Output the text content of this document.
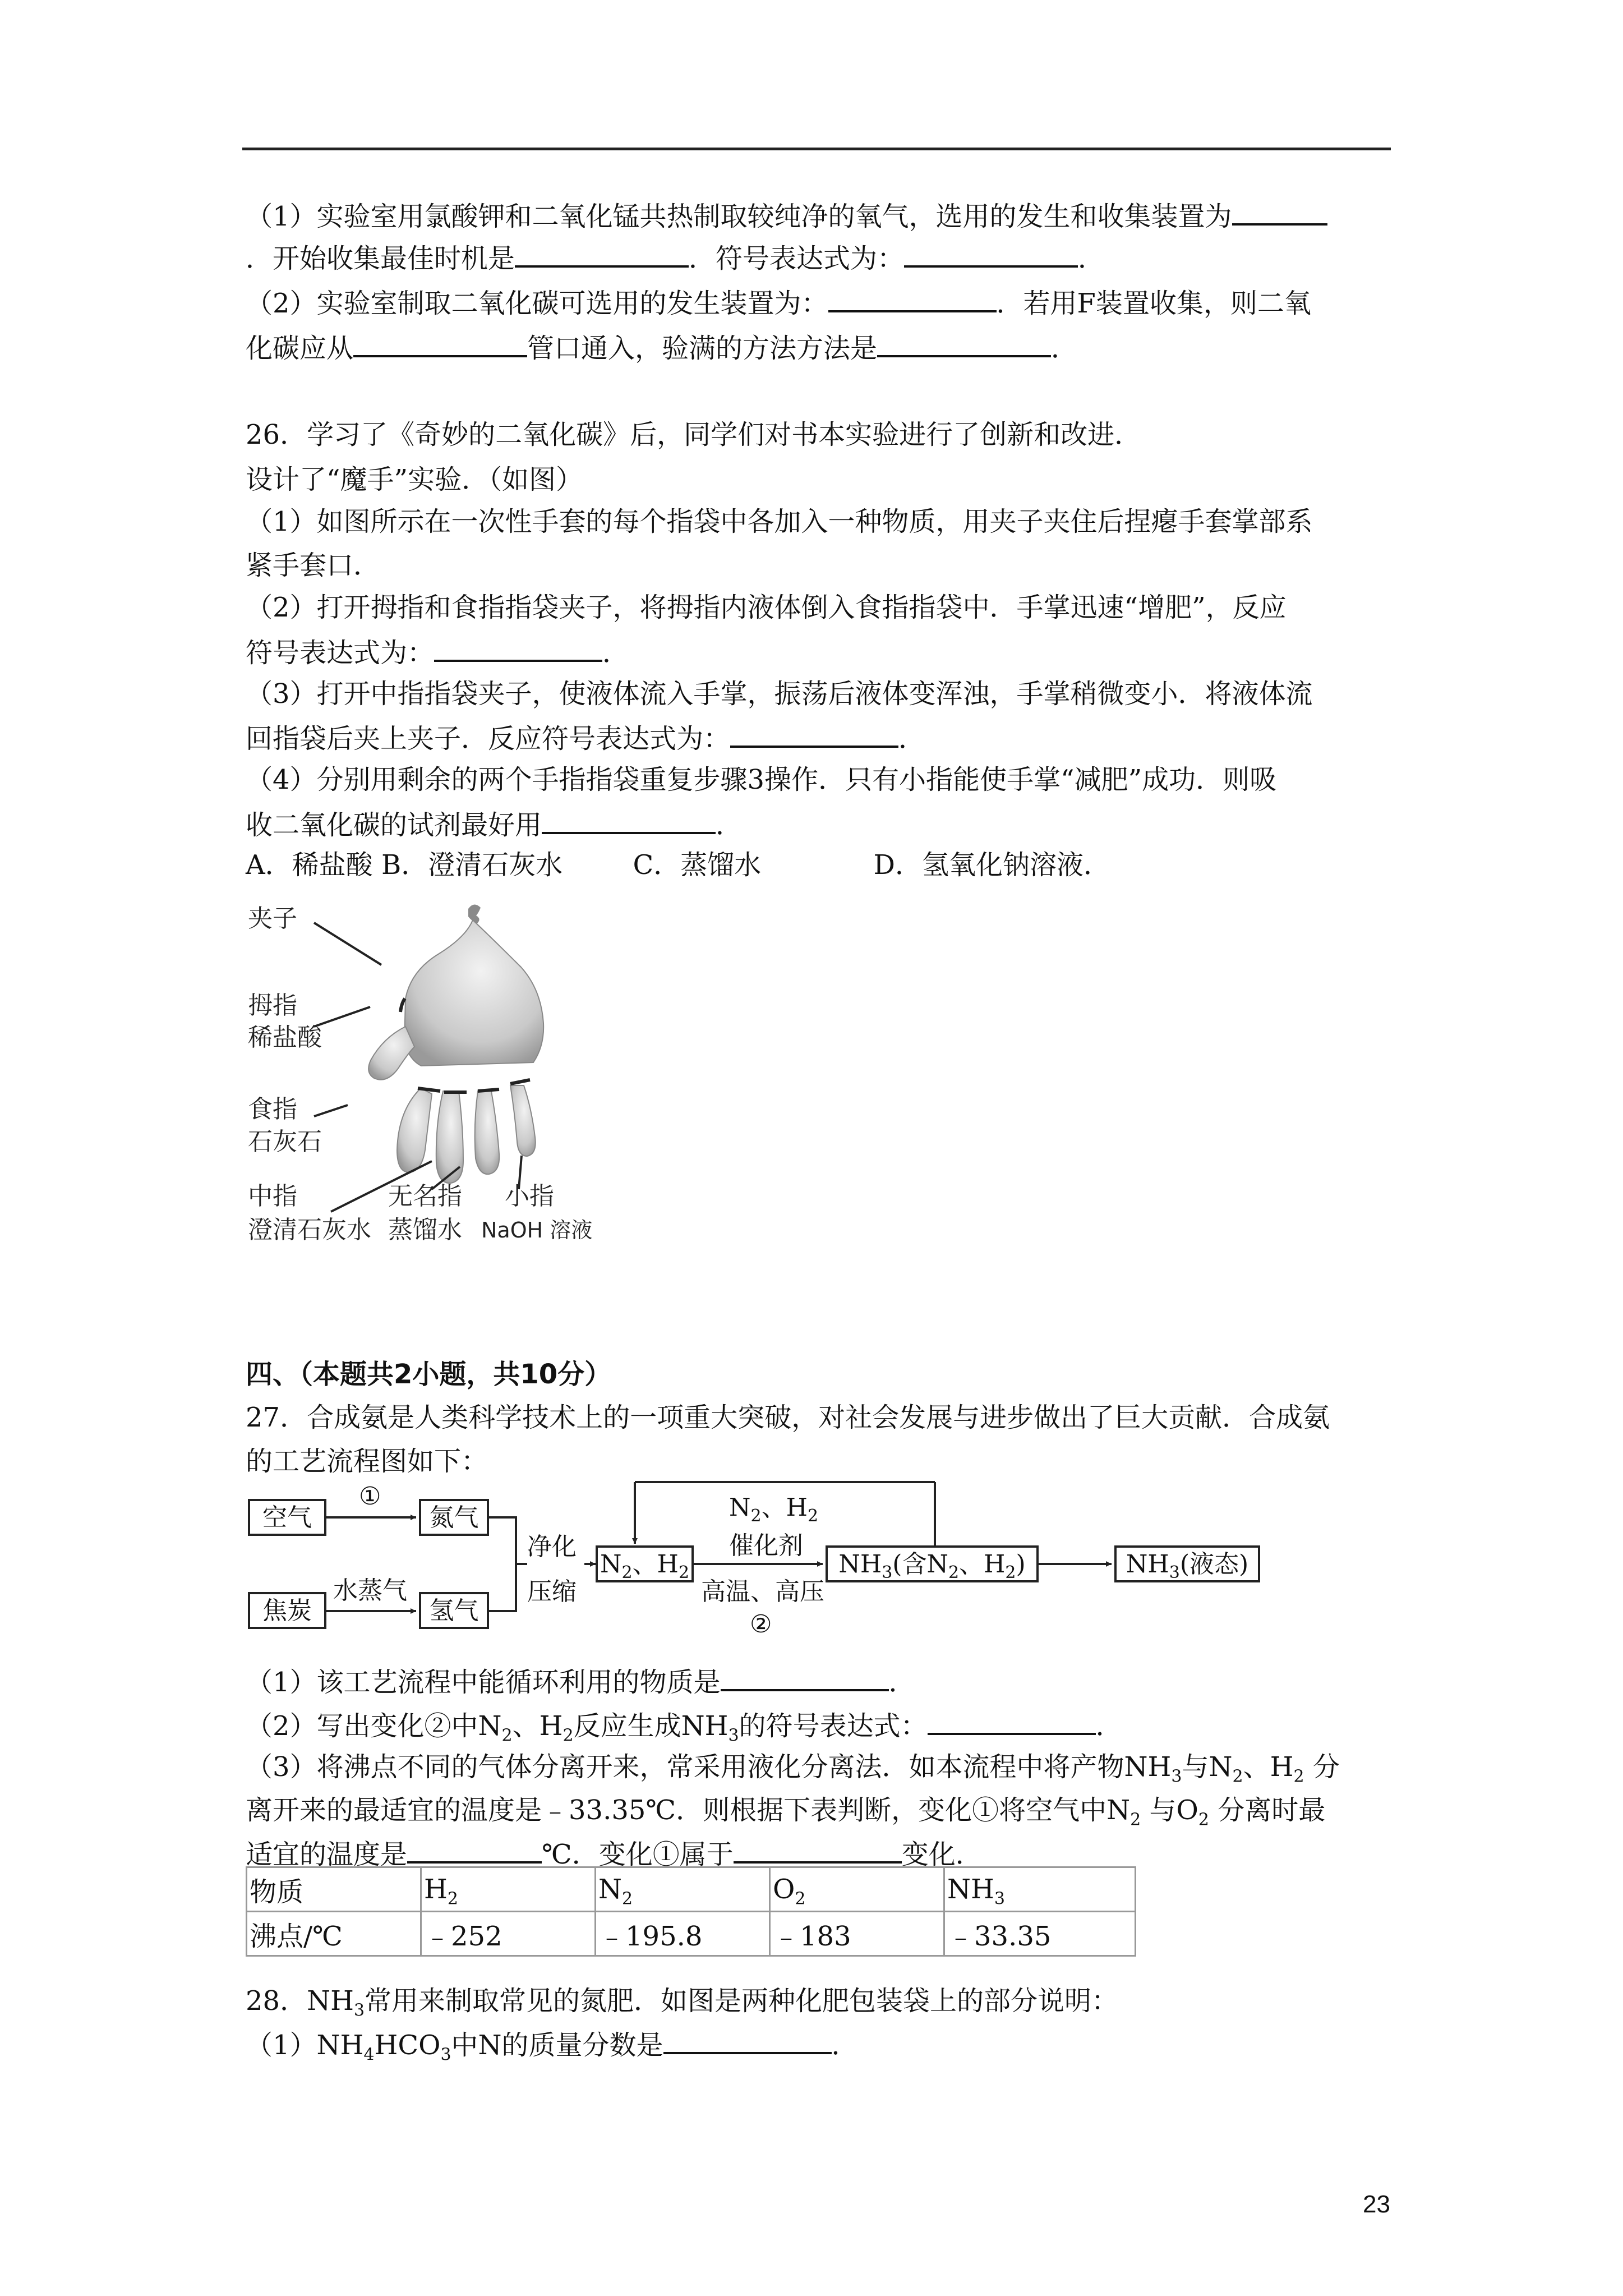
（1）实验室用氯酸钾和二氧化锰共热制取较纯净的氧气，选用的发生和收集装置为
．开始收集最佳时机是	．符号表达式为：	．
（2）实验室制取二氧化碳可选用的发生装置为：	．若用F装置收集，则二氧
化碳应从	管口通入，验满的方法方法是	．
26．学习了《奇妙的二氧化碳》后，同学们对书本实验进行了创新和改进．
设计了“魔手”实验．（如图）
（1）如图所示在一次性手套的每个指袋中各加入一种物质，用夹子夹住后捏瘪手套掌部系
紧手套口．
（2）打开拇指和食指指袋夹子，将拇指内液体倒入食指指袋中．手掌迅速“增肥”，反应
符号表达式为：	．
（3）打开中指指袋夹子，使液体流入手掌，振荡后液体变浑浊，手掌稍微变小．将液体流
回指袋后夹上夹子．反应符号表达式为：	．
（4）分别用剩余的两个手指指袋重复步骤3操作．只有小指能使手掌“减肥”成功．则吸
收二氧化碳的试剂最好用	．
A．稀盐酸 B．澄清石灰水	C．蒸馏水	D．氢氧化钠溶液．
夹子
拇指
稀盐酸
食指
石灰石
中指
澄清石灰水
无名指
蒸馏水
小指
NaOH 溶液
四、（本题共2小题，共10分）
27．合成氨是人类科学技术上的一项重大突破，对社会发展与进步做出了巨大贡献．合成氨
的工艺流程图如下：
空气	氮气
焦炭	氢气
$N_2$、$H_2$	$NH_3$(含$N_2$、$H_2$)	$NH_3$(液态)
①
水蒸气
净化
压缩
$N_2$、$H_2$
催化剂
高温、高压
②
（1）该工艺流程中能循环利用的物质是	．
（2）写出变化②中$N_2$、$H_2$反应生成$NH_3$的符号表达式：	．
（3）将沸点不同的气体分离开来，常采用液化分离法．如本流程中将产物$NH_3$与$N_2$、$H_2$ 分
离开来的最适宜的温度是﹣33.35℃．则根据下表判断，变化①将空气中$N_2$ 与$O_2$ 分离时最
适宜的温度是	℃．变化①属于	变化．
物质	$H_2$	$N_2$	$O_2$	$NH_3$
沸点/℃	﹣252	﹣195.8	﹣183	﹣33.35
28．$NH_3$常用来制取常见的氮肥．如图是两种化肥包装袋上的部分说明：
$(1)NH_4HCO_3$中N的质量分数是	．
23
